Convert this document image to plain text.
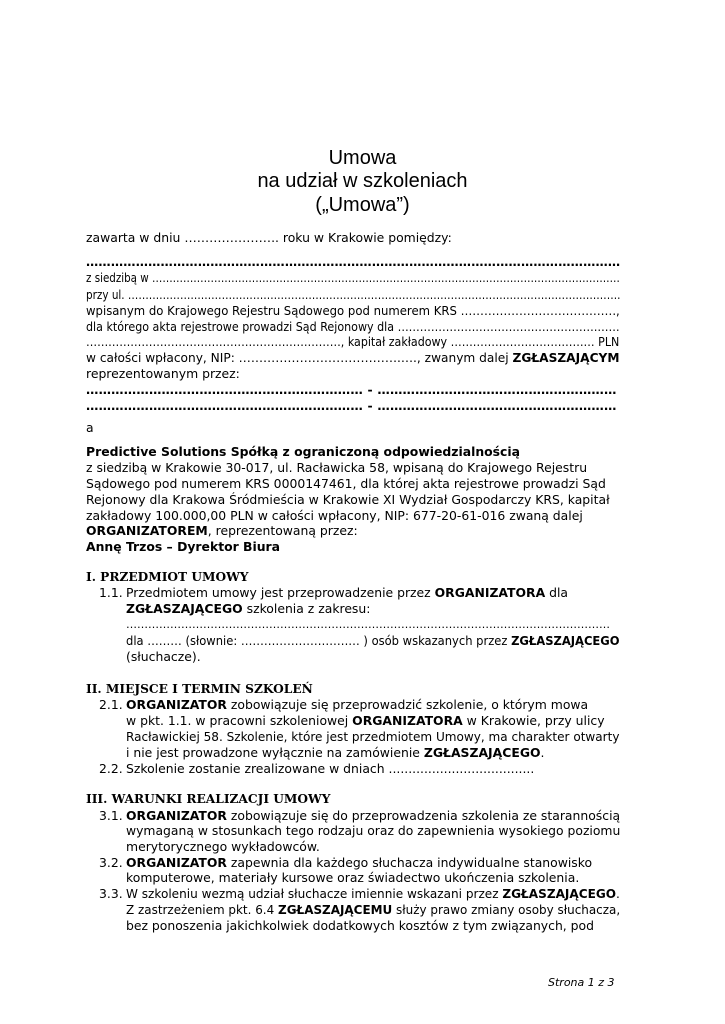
Umowa
na udział w szkoleniach
(„Umowa”)
zawarta w dniu ………………….. roku w Krakowie pomiędzy:
…………………………………………………………………………………………………………………
z siedzibą w ……………………………………………………………………………………………………………………….
przy ul. …………………………………………………………………………………………………………………………….
wpisanym do Krajowego Rejestru Sądowego pod numerem KRS ………………………………….,
dla którego akta rejestrowe prowadzi Sąd Rejonowy dla ……………………………………………………
……………………………………………………………, kapitał zakładowy ………………………………… PLN
w całości wpłacony, NIP: ………………………………….…., zwanym dalej ZGŁASZAJĄCYM
reprezentowanym przez:
………………………………………………………… - …………………………………………………
………………………………………………………… - …………………………………………………
a
Predictive Solutions Spółką z ograniczoną odpowiedzialnością
z siedzibą w Krakowie 30-017, ul. Racławicka 58, wpisaną do Krajowego Rejestru
Sądowego pod numerem KRS 0000147461, dla której akta rejestrowe prowadzi Sąd
Rejonowy dla Krakowa Śródmieścia w Krakowie XI Wydział Gospodarczy KRS, kapitał
zakładowy 100.000,00 PLN w całości wpłacony, NIP: 677-20-61-016 zwaną dalej
ORGANIZATOREM, reprezentowaną przez:
Annę Trzos – Dyrektor Biura
I. PRZEDMIOT UMOWY
1.1. Przedmiotem umowy jest przeprowadzenie przez ORGANIZATORA dla
ZGŁASZAJĄCEGO szkolenia z zakresu:
……………………………………………………………………………………………………………………
dla ……… (słownie: ……………………….… ) osób wskazanych przez ZGŁASZAJĄCEGO
(słuchacze).
II. MIEJSCE I TERMIN SZKOLEŃ
2.1. ORGANIZATOR zobowiązuje się przeprowadzić szkolenie, o którym mowa
w pkt. 1.1. w pracowni szkoleniowej ORGANIZATORA w Krakowie, przy ulicy
Racławickiej 58. Szkolenie, które jest przedmiotem Umowy, ma charakter otwarty
i nie jest prowadzone wyłącznie na zamówienie ZGŁASZAJĄCEGO.
2.2. Szkolenie zostanie zrealizowane w dniach .....................................
III. WARUNKI REALIZACJI UMOWY
3.1. ORGANIZATOR zobowiązuje się do przeprowadzenia szkolenia ze starannością
wymaganą w stosunkach tego rodzaju oraz do zapewnienia wysokiego poziomu
merytorycznego wykładowców.
3.2. ORGANIZATOR zapewnia dla każdego słuchacza indywidualne stanowisko
komputerowe, materiały kursowe oraz świadectwo ukończenia szkolenia.
3.3. W szkoleniu wezmą udział słuchacze imiennie wskazani przez ZGŁASZAJĄCEGO.
Z zastrzeżeniem pkt. 6.4 ZGŁASZAJĄCEMU służy prawo zmiany osoby słuchacza,
bez ponoszenia jakichkolwiek dodatkowych kosztów z tym związanych, pod
Strona 1 z 3
